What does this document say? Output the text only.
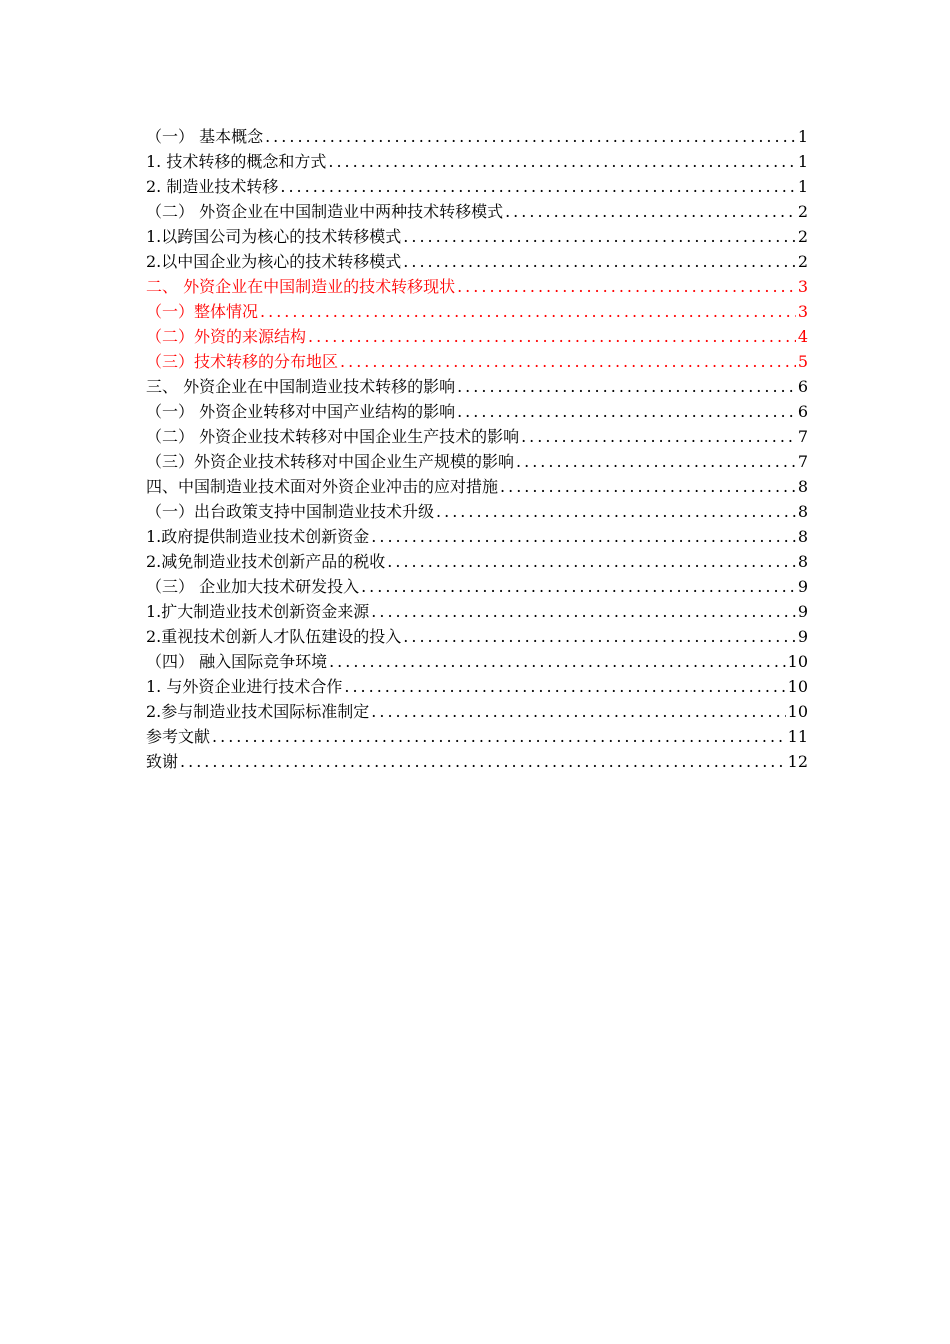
（一） 基本概念 .....	1
1. 技术转移的概念和方式 .....	1
2. 制造业技术转移 .....	1
（二） 外资企业在中国制造业中两种技术转移模式 .....	2
1.以跨国公司为核心的技术转移模式 .....	2
2.以中国企业为核心的技术转移模式 .....	2
二、 外资企业在中国制造业的技术转移现状 .....	3
（一）整体情况 .....	3
（二）外资的来源结构 .....	4
（三）技术转移的分布地区 .....	5
三、 外资企业在中国制造业技术转移的影响 .....	6
（一） 外资企业转移对中国产业结构的影响 .....	6
（二） 外资企业技术转移对中国企业生产技术的影响 .....	7
（三）外资企业技术转移对中国企业生产规模的影响 .....	7
四、中国制造业技术面对外资企业冲击的应对措施 .....	8
（一）出台政策支持中国制造业技术升级 .....	8
1.政府提供制造业技术创新资金 .....	8
2.减免制造业技术创新产品的税收 .....	8
（三） 企业加大技术研发投入 .....	9
1.扩大制造业技术创新资金来源 .....	9
2.重视技术创新人才队伍建设的投入 .....	9
（四） 融入国际竞争环境 .....	10
1. 与外资企业进行技术合作 .....	10
2.参与制造业技术国际标准制定 .....	10
参考文献 .....	11
致谢 .....	12
